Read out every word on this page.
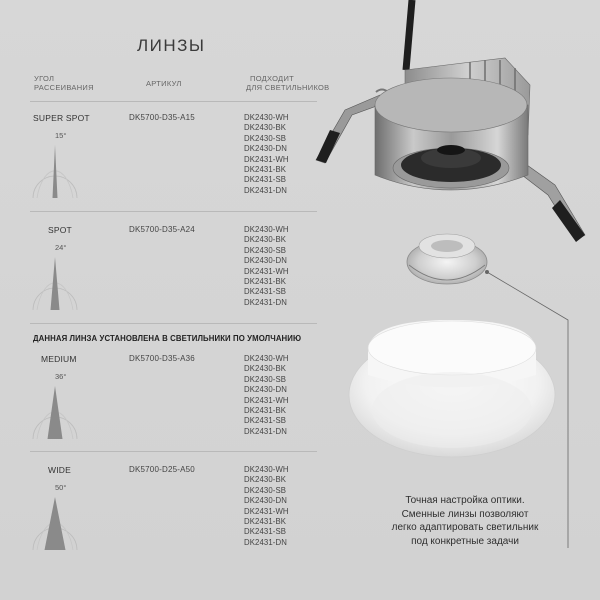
ЛИНЗЫ
УГОЛ
РАССЕИВАНИЯ	АРТИКУЛ
ПОДХОДИТ
ДЛЯ СВЕТИЛЬНИКОВ
SUPER SPOT
15°
DK5700-D35-A15	DK2430-WH
DK2430-BK
DK2430-SB
DK2430-DN
DK2431-WH
DK2431-BK
DK2431-SB
DK2431-DN
SPOT
24°
DK5700-D35-A24	DK2430-WH
DK2430-BK
DK2430-SB
DK2430-DN
DK2431-WH
DK2431-BK
DK2431-SB
DK2431-DN
ДАННАЯ ЛИНЗА УСТАНОВЛЕНА В СВЕТИЛЬНИКИ ПО УМОЛЧАНИЮ
MEDIUM
36°
DK5700-D35-A36	DK2430-WH
DK2430-BK
DK2430-SB
DK2430-DN
DK2431-WH
DK2431-BK
DK2431-SB
DK2431-DN
WIDE
50°
DK5700-D25-A50	DK2430-WH
DK2430-BK
DK2430-SB
DK2430-DN
DK2431-WH
DK2431-BK
DK2431-SB
DK2431-DN
Точная настройка оптики.
Сменные линзы позволяют
легко адаптировать светильник
под конкретные задачи
